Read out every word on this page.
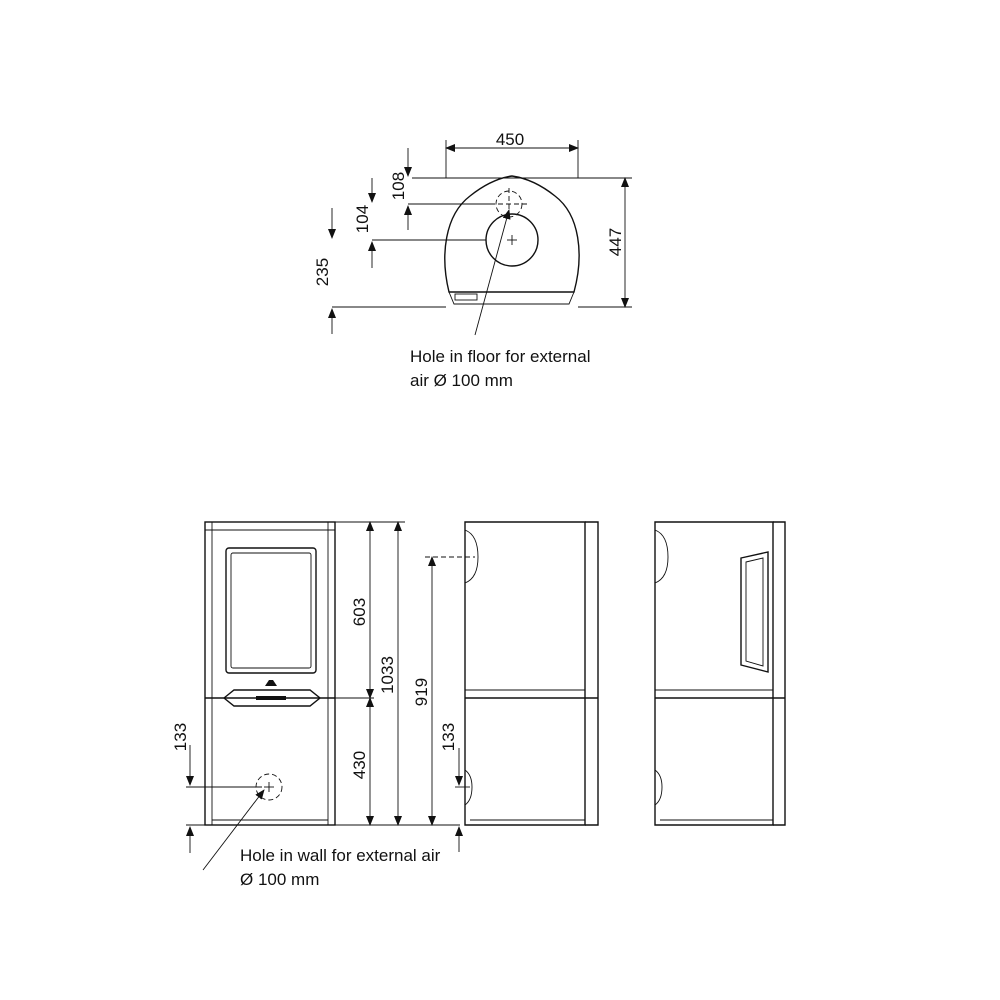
450
447
108
104
235
133
603
430
1033 919
133
Hole in floor for external
air Ø 100 mm
Hole in wall for external air
Ø 100 mm
